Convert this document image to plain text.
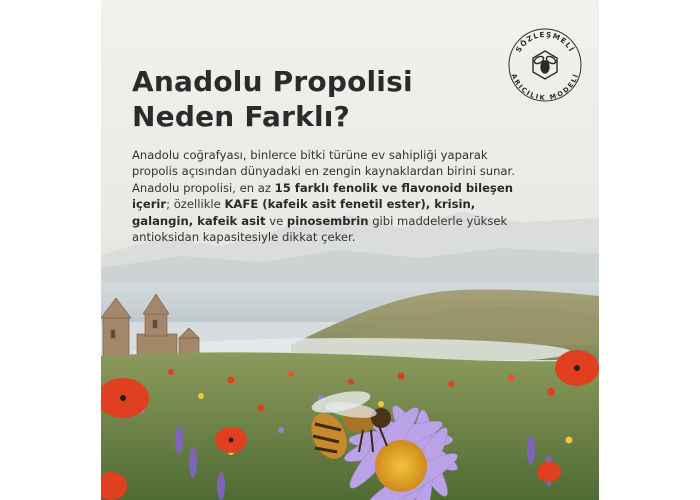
SÖZLEŞMELİ
ARICILIK MODELİ
Anadolu Propolisi
Neden Farklı?

Anadolu coğrafyası, binlerce bitki türüne ev sahipliği yaparak propolis açısından dünyadaki en zengin kaynaklardan birini sunar. Anadolu propolisi, en az 15 farklı fenolik ve flavonoid bileşen içerir; özellikle KAFE (kafeik asit fenetil ester), krisin, galangin, kafeik asit ve pinosembrin gibi maddelerle yüksek antioksidan kapasitesiyle dikkat çeker.
